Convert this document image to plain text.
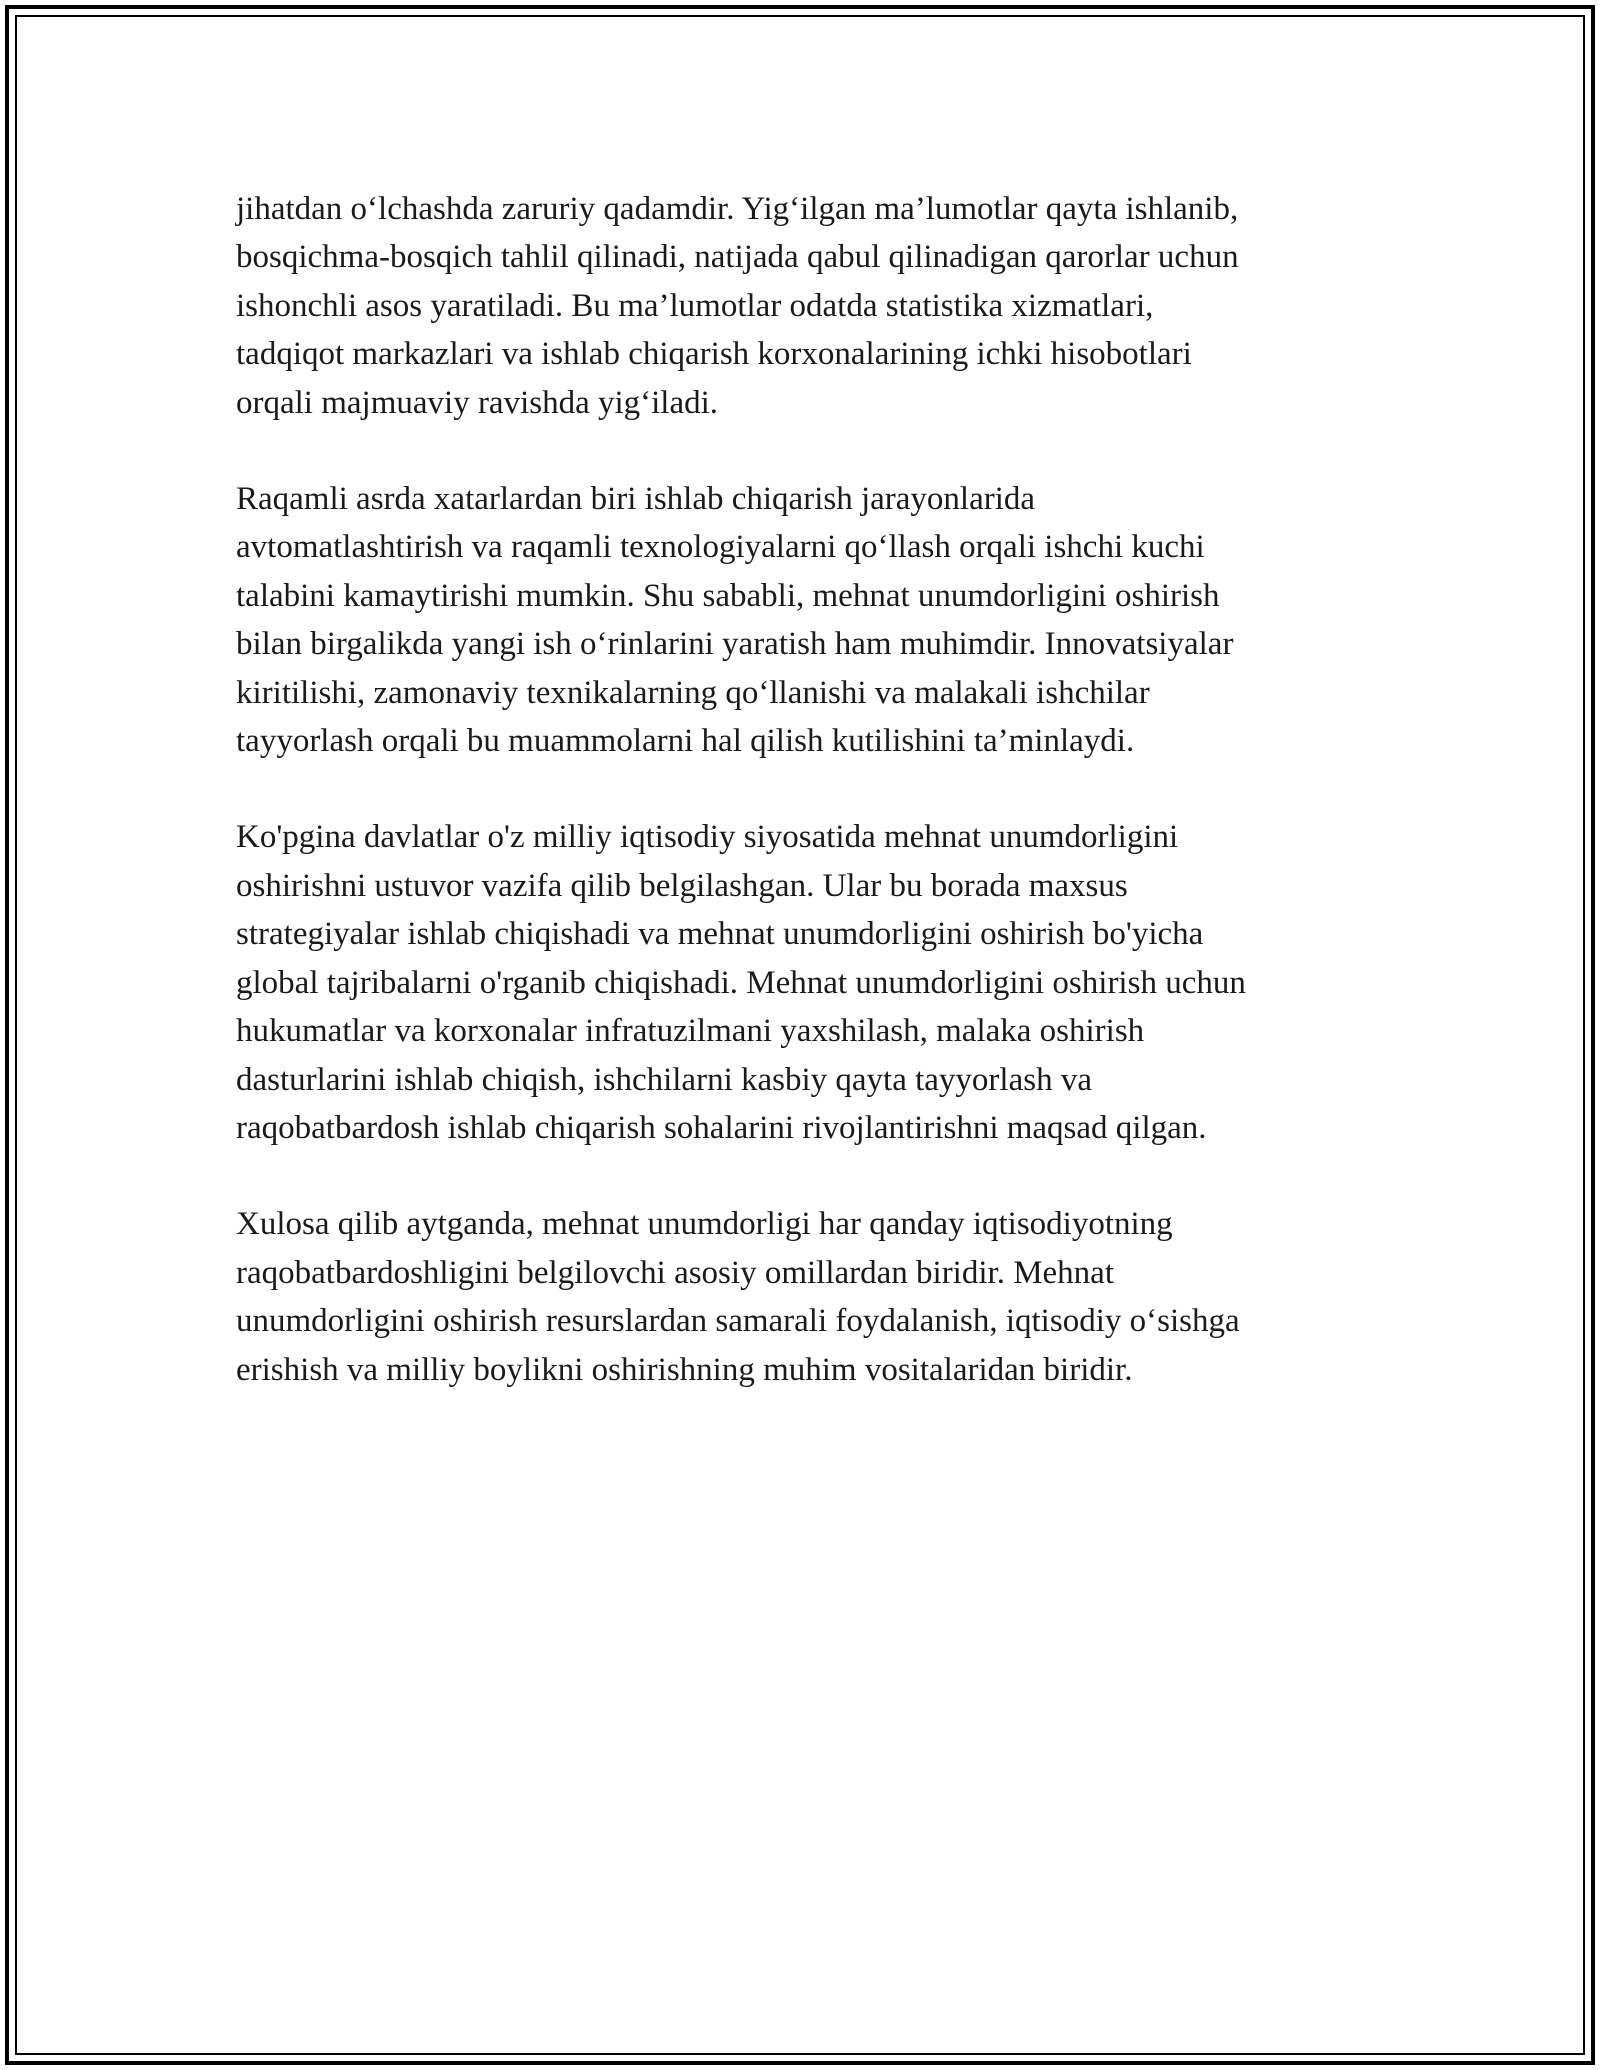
jihatdan o‘lchashda zaruriy qadamdir. Yig‘ilgan ma’lumotlar qayta ishlanib,
bosqichma-bosqich tahlil qilinadi, natijada qabul qilinadigan qarorlar uchun
ishonchli asos yaratiladi. Bu ma’lumotlar odatda statistika xizmatlari,
tadqiqot markazlari va ishlab chiqarish korxonalarining ichki hisobotlari
orqali majmuaviy ravishda yig‘iladi.

Raqamli asrda xatarlardan biri ishlab chiqarish jarayonlarida
avtomatlashtirish va raqamli texnologiyalarni qo‘llash orqali ishchi kuchi
talabini kamaytirishi mumkin. Shu sababli, mehnat unumdorligini oshirish
bilan birgalikda yangi ish o‘rinlarini yaratish ham muhimdir. Innovatsiyalar
kiritilishi, zamonaviy texnikalarning qo‘llanishi va malakali ishchilar
tayyorlash orqali bu muammolarni hal qilish kutilishini ta’minlaydi.

Ko'pgina davlatlar o'z milliy iqtisodiy siyosatida mehnat unumdorligini
oshirishni ustuvor vazifa qilib belgilashgan. Ular bu borada maxsus
strategiyalar ishlab chiqishadi va mehnat unumdorligini oshirish bo'yicha
global tajribalarni o'rganib chiqishadi. Mehnat unumdorligini oshirish uchun
hukumatlar va korxonalar infratuzilmani yaxshilash, malaka oshirish
dasturlarini ishlab chiqish, ishchilarni kasbiy qayta tayyorlash va
raqobatbardosh ishlab chiqarish sohalarini rivojlantirishni maqsad qilgan.

Xulosa qilib aytganda, mehnat unumdorligi har qanday iqtisodiyotning
raqobatbardoshligini belgilovchi asosiy omillardan biridir. Mehnat
unumdorligini oshirish resurslardan samarali foydalanish, iqtisodiy o‘sishga
erishish va milliy boylikni oshirishning muhim vositalaridan biridir.
